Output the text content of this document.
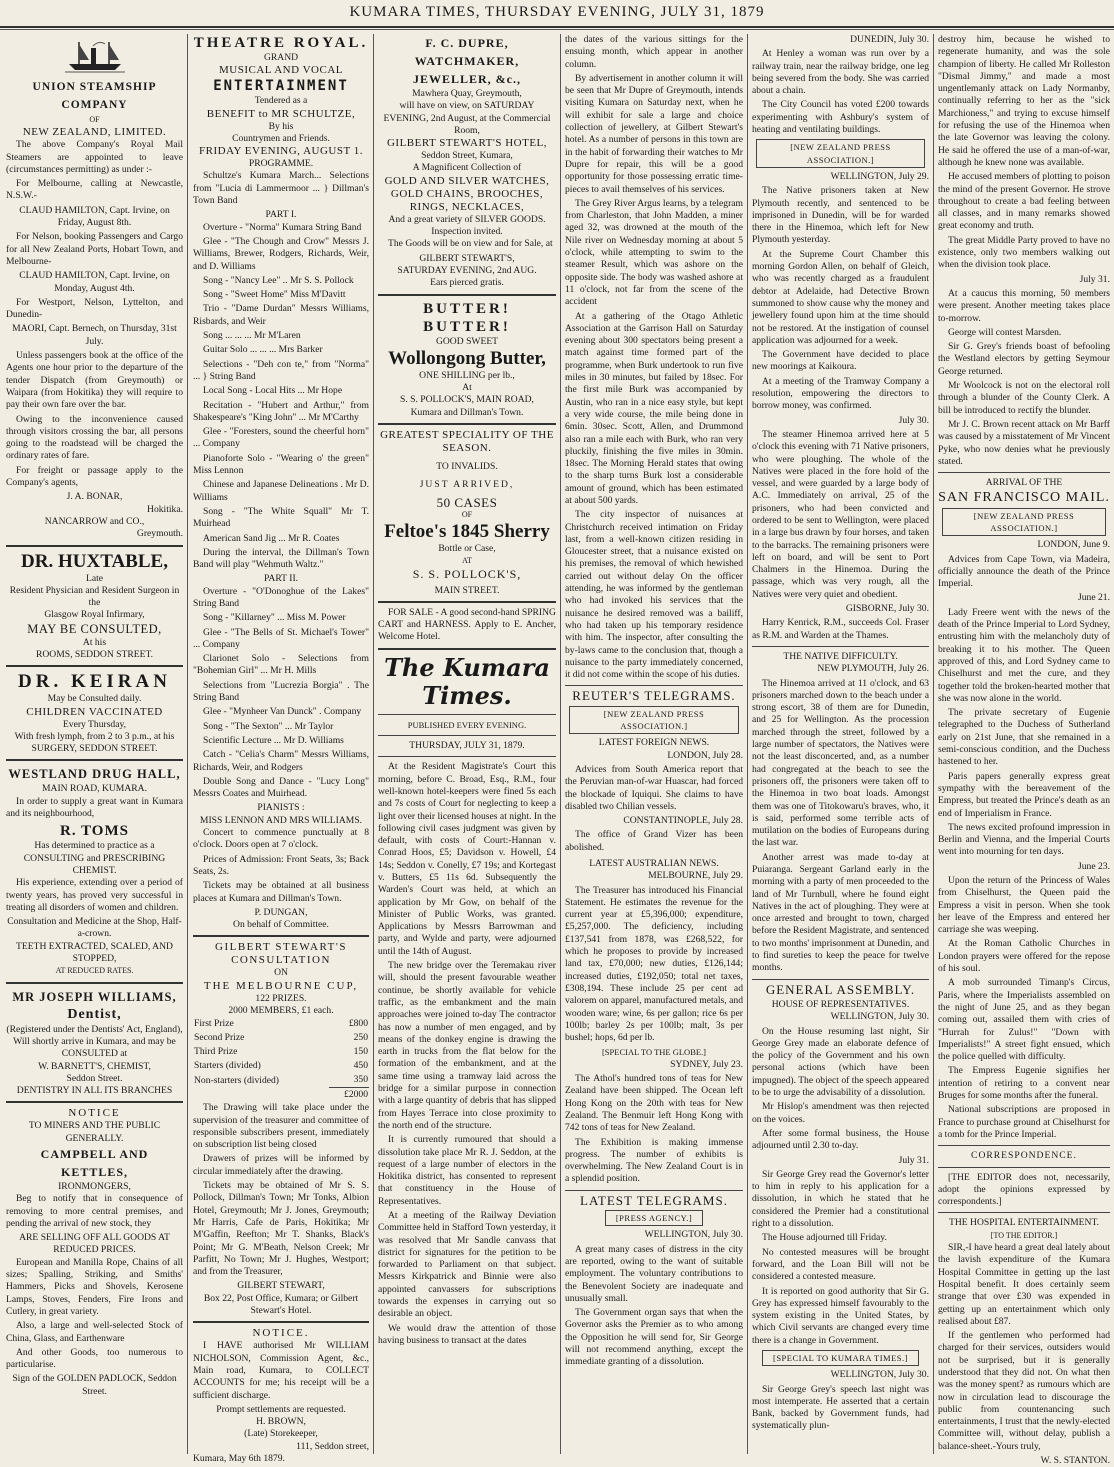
KUMARA TIMES, THURSDAY EVENING, JULY 31, 1879
UNION STEAMSHIP COMPANY
OF
NEW ZEALAND, LIMITED.

The above Company's Royal Mail Steamers are appointed to leave (circumstances permitting) as under :-

For Melbourne, calling at Newcastle, N.S.W.-

CLAUD HAMILTON, Capt. Irvine, on Friday, August 8th.

For Nelson, booking Passengers and Cargo for all New Zealand Ports, Hobart Town, and Melbourne-

CLAUD HAMILTON, Capt. Irvine, on Monday, August 4th.

For Westport, Nelson, Lyttelton, and Dunedin-

MAORI, Capt. Bernech, on Thursday, 31st July.

Unless passengers book at the office of the Agents one hour prior to the departure of the tender Dispatch (from Greymouth) or Waipara (from Hokitika) they will require to pay their own fare over the bar.

Owing to the inconvenience caused through visitors crossing the bar, all persons going to the roadstead will be charged the ordinary rates of fare.

For freight or passage apply to the Company's agents,

J. A. BONAR,
Hokitika.
NANCARROW and CO.,
Greymouth.
DR. HUXTABLE,
Late
Resident Physician and Resident Surgeon in the
Glasgow Royal Infirmary,
MAY BE CONSULTED,
At his
ROOMS, SEDDON STREET.
DR. KEIRAN
May be Consulted daily.
CHILDREN VACCINATED
Every Thursday,
With fresh lymph, from 2 to 3 p.m., at his
SURGERY, SEDDON STREET.
WESTLAND DRUG HALL,
MAIN ROAD, KUMARA.

In order to supply a great want in Kumara and its neighbourhood,

R. TOMS
Has determined to practice as a
CONSULTING and PRESCRIBING CHEMIST.

His experience, extending over a period of twenty years, has proved very successful in treating all disorders of women and children.

Consultation and Medicine at the Shop, Half-a-crown.
TEETH EXTRACTED, SCALED, AND STOPPED,
AT REDUCED RATES.
MR JOSEPH WILLIAMS,
Dentist,
(Registered under the Dentists' Act, England),
Will shortly arrive in Kumara, and may be CONSULTED at
W. BARNETT'S, CHEMIST,
Seddon Street.
DENTISTRY IN ALL ITS BRANCHES
NOTICE
TO MINERS AND THE PUBLIC GENERALLY.
CAMPBELL AND KETTLES,
IRONMONGERS,

Beg to notify that in consequence of removing to more central premises, and pending the arrival of new stock, they

ARE SELLING OFF ALL GOODS AT REDUCED PRICES.

European and Manilla Rope, Chains of all sizes; Spalling, Striking, and Smiths' Hammers, Picks and Shovels, Kerosene Lamps, Stoves, Fenders, Fire Irons and Cutlery, in great variety.

Also, a large and well-selected Stock of China, Glass, and Earthenware

And other Goods, too numerous to particularise.

Sign of the GOLDEN PADLOCK, Seddon Street.
THEATRE ROYAL.
GRAND
MUSICAL AND VOCAL
ENTERTAINMENT
Tendered as a
BENEFIT to MR SCHULTZE,
By his
Countrymen and Friends.
FRIDAY EVENING, AUGUST 1.
PROGRAMME.

Schultze's Kumara March... Selections from "Lucia di Lammermoor ... } Dillman's Town Band

PART I.

Overture - "Norma" Kumara String Band

Glee - "The Chough and Crow" Messrs J. Williams, Brewer, Rodgers, Richards, Weir, and D. Williams

Song - "Nancy Lee" .. Mr S. S. Pollock

Song - "Sweet Home" Miss M'Davitt

Trio - "Dame Durdan" Messrs Williams, Risbards, and Weir

Song ... ... ... Mr M'Laren

Guitar Solo ... ... ... Mrs Barker

Selections - "Deh con te," from "Norma" ... } String Band

Local Song - Local Hits ... Mr Hope

Recitation - "Hubert and Arthur," from Shakespeare's "King John" ... Mr M'Carthy

Glee - "Foresters, sound the cheerful horn" ... Company

Pianoforte Solo - "Wearing o' the green" Miss Lennon

Chinese and Japanese Delineations . Mr D. Williams

Song - "The White Squall" Mr T. Muirhead

American Sand Jig ... Mr R. Coates

During the interval, the Dillman's Town Band will play "Wehmuth Waltz."

PART II.

Overture - "O'Donoghue of the Lakes" String Band

Song - "Killarney" ... Miss M. Power

Glee - "The Bells of St. Michael's Tower" ... Company

Clarionet Solo - Selections from "Bohemian Girl" ... Mr H. Mills

Selections from "Lucrezia Borgia" . The String Band

Glee - "Mynheer Van Dunck" . Company

Song - "The Sexton" ... Mr Taylor

Scientific Lecture ... Mr D. Williams

Catch - "Celia's Charm" Messrs Williams, Richards, Weir, and Rodgers

Double Song and Dance - "Lucy Long" Messrs Coates and Muirhead.

PIANISTS :
MISS LENNON AND MRS WILLIAMS.

Concert to commence punctually at 8 o'clock. Doors open at 7 o'clock.

Prices of Admission: Front Seats, 3s; Back Seats, 2s.

Tickets may be obtained at all business places at Kumara and Dillman's Town.

P. DUNGAN,
On behalf of Committee.
GILBERT STEWART'S CONSULTATION
ON
THE MELBOURNE CUP,
122 PRIZES.
2000 MEMBERS, £1 each.
First Prize	£800
Second Prize	250
Third Prize	150
Starters (divided)	450
Non-starters (divided)	350
	£2000

The Drawing will take place under the supervision of the treasurer and committee of responsible subscribers present, immediately on subscription list being closed

Drawers of prizes will be informed by circular immediately after the drawing.

Tickets may be obtained of Mr S. S. Pollock, Dillman's Town; Mr Tonks, Albion Hotel, Greymouth; Mr J. Jones, Greymouth; Mr Harris, Cafe de Paris, Hokitika; Mr M'Gaffin, Reefton; Mr T. Shanks, Black's Point; Mr G. M'Beath, Nelson Creek; Mr Parfitt, No Town; Mr J. Hughes, Westport; and from the Treasurer,

GILBERT STEWART,
Box 22, Post Office, Kumara; or Gilbert Stewart's Hotel.
NOTICE.

I HAVE authorised Mr WILLIAM NICHOLSON, Commission Agent, &c., Main road, Kumara, to COLLECT ACCOUNTS for me; his receipt will be a sufficient discharge.

Prompt settlements are requested.
H. BROWN,
(Late) Storekeeper,
111, Seddon street,
Kumara, May 6th 1879.
F. C. DUPRE, WATCHMAKER, JEWELLER, &c.,
Mawhera Quay, Greymouth,
will have on view, on SATURDAY EVENING, 2nd August, at the Commercial Room,
GILBERT STEWART'S HOTEL,
Seddon Street, Kumara,
A Magnificent Collection of
GOLD AND SILVER WATCHES, GOLD CHAINS, BROOCHES, RINGS, NECKLACES,
And a great variety of SILVER GOODS.
Inspection invited.

The Goods will be on view and for Sale, at

GILBERT STEWART'S,
SATURDAY EVENING, 2nd AUG.
Ears pierced gratis.
BUTTER! BUTTER!
GOOD SWEET
Wollongong Butter,
ONE SHILLING per lb.,
At
S. S. POLLOCK'S, MAIN ROAD,
Kumara and Dillman's Town.
GREATEST SPECIALITY OF THE SEASON.
TO INVALIDS.
JUST ARRIVED,
50 CASES
OF
Feltoe's 1845 Sherry
Bottle or Case,
AT
S. S. POLLOCK'S,
MAIN STREET.

FOR SALE - A good second-hand SPRING CART and HARNESS. Apply to E. Ancher, Welcome Hotel.

The Kumara Times.
PUBLISHED EVERY EVENING.
THURSDAY, JULY 31, 1879.

At the Resident Magistrate's Court this morning, before C. Broad, Esq., R.M., four well-known hotel-keepers were fined 5s each and 7s costs of Court for neglecting to keep a light over their licensed houses at night. In the following civil cases judgment was given by default, with costs of Court:-Hannan v. Conrad Hoos, £5; Davidson v. Howell, £4 14s; Seddon v. Conelly, £7 19s; and Kortegast v. Butters, £5 11s 6d. Subsequently the Warden's Court was held, at which an application by Mr Gow, on behalf of the Minister of Public Works, was granted. Applications by Messrs Barrowman and party, and Wylde and party, were adjourned until the 14th of August.

The new bridge over the Teremakau river will, should the present favourable weather continue, be shortly available for vehicle traffic, as the embankment and the main approaches were joined to-day The contractor has now a number of men engaged, and by means of the donkey engine is drawing the earth in trucks from the flat below for the formation of the embankment, and at the same time using a tramway laid across the bridge for a similar purpose in connection with a large quantity of debris that has slipped from Hayes Terrace into close proximity to the north end of the structure.

It is currently rumoured that should a dissolution take place Mr R. J. Seddon, at the request of a large number of electors in the Hokitika district, has consented to represent that constituency in the House of Representatives.

At a meeting of the Railway Deviation Committee held in Stafford Town yesterday, it was resolved that Mr Sandle canvass that district for signatures for the petition to be forwarded to Parliament on that subject. Messrs Kirkpatrick and Binnie were also appointed canvassers for subscriptions towards the expenses in carrying out so desirable an object.

We would draw the attention of those having business to transact at the dates

the dates of the various sittings for the ensuing month, which appear in another column.

By advertisement in another column it will be seen that Mr Dupre of Greymouth, intends visiting Kumara on Saturday next, when he will exhibit for sale a large and choice collection of jewellery, at Gilbert Stewart's hotel. As a number of persons in this town are in the habit of forwarding their watches to Mr Dupre for repair, this will be a good opportunity for those possessing erratic time-pieces to avail themselves of his services.

The Grey River Argus learns, by a telegram from Charleston, that John Madden, a miner aged 32, was drowned at the mouth of the Nile river on Wednesday morning at about 5 o'clock, while attempting to swim to the steamer Result, which was ashore on the opposite side. The body was washed ashore at 11 o'clock, not far from the scene of the accident

At a gathering of the Otago Athletic Association at the Garrison Hall on Saturday evening about 300 spectators being present a match against time formed part of the programme, when Burk undertook to run five miles in 30 minutes, but failed by 18sec. For the first mile Burk was accompanied by Austin, who ran in a nice easy style, but kept a very wide course, the mile being done in 6min. 30sec. Scott, Allen, and Drummond also ran a mile each with Burk, who ran very pluckily, finishing the five miles in 30min. 18sec. The Morning Herald states that owing to the sharp turns Burk lost a considerable amount of ground, which has been estimated at about 500 yards.

The city inspector of nuisances at Christchurch received intimation on Friday last, from a well-known citizen residing in Gloucester street, that a nuisance existed on his premises, the removal of which hewished carried out without delay On the officer attending, he was informed by the gentleman who had invoked his services that the nuisance he desired removed was a bailiff, who had taken up his temporary residence with him. The inspector, after consulting the by-laws came to the conclusion that, though a nuisance to the party immediately concerned, it did not come within the scope of his duties.

REUTER'S TELEGRAMS.
[NEW ZEALAND PRESS ASSOCIATION.]
LATEST FOREIGN NEWS.

LONDON, July 28.

Advices from South America report that the Peruvian man-of-war Huascar, had forced the blockade of Iquiqui. She claims to have disabled two Chilian vessels.

CONSTANTINOPLE, July 28.

The office of Grand Vizer has been abolished.

LATEST AUSTRALIAN NEWS.

MELBOURNE, July 29.

The Treasurer has introduced his Financial Statement. He estimates the revenue for the current year at £5,396,000; expenditure, £5,257,000. The deficiency, including £137,541 from 1878, was £268,522, for which he proposes to provide by increased land tax, £70,000; new duties, £126,144; increased duties, £192,050; total net taxes, £308,194. These include 25 per cent ad valorem on apparel, manufactured metals, and wooden ware; wine, 6s per gallon; rice 6s per 100lb; barley 2s per 100lb; malt, 3s per bushel; hops, 6d per lb.

[SPECIAL TO THE GLOBE.]

SYDNEY, July 23.

The Athol's hundred tons of teas for New Zealand have been shipped. The Ocean left Hong Kong on the 20th with teas for New Zealand. The Benmuir left Hong Kong with 742 tons of teas for New Zealand.

The Exhibition is making immense progress. The number of exhibits is overwhelming. The New Zealand Court is in a splendid position.

LATEST TELEGRAMS.
[PRESS AGENCY.]

WELLINGTON, July 30.

A great many cases of distress in the city are reported, owing to the want of suitable employment. The voluntary contributions to the Benevolent Society are inadequate and unusually small.

The Government organ says that when the Governor asks the Premier as to who among the Opposition he will send for, Sir George will not recommend anything, except the immediate granting of a dissolution.

DUNEDIN, July 30.

At Henley a woman was run over by a railway train, near the railway bridge, one leg being severed from the body. She was carried about a chain.

The City Council has voted £200 towards experimenting with Ashbury's system of heating and ventilating buildings.

[NEW ZEALAND PRESS ASSOCIATION.]

WELLINGTON, July 29.

The Native prisoners taken at New Plymouth recently, and sentenced to be imprisoned in Dunedin, will be for warded there in the Hinemoa, which left for New Plymouth yesterday.

At the Supreme Court Chamber this morning Gordon Allen, on behalf of Gleich, who was recently charged as a fraudulent debtor at Adelaide, had Detective Brown summoned to show cause why the money and jewellery found upon him at the time should not be restored. At the instigation of counsel application was adjourned for a week.

The Government have decided to place new moorings at Kaikoura.

At a meeting of the Tramway Company a resolution, empowering the directors to borrow money, was confirmed.

July 30.

The steamer Hinemoa arrived here at 5 o'clock this evening with 71 Native prisoners, who were ploughing. The whole of the Natives were placed in the fore hold of the vessel, and were guarded by a large body of A.C. Immediately on arrival, 25 of the prisoners, who had been convicted and ordered to be sent to Wellington, were placed in a large bus drawn by four horses, and taken to the barracks. The remaining prisoners were left on board, and will be sent to Port Chalmers in the Hinemoa. During the passage, which was very rough, all the Natives were very quiet and obedient.

GISBORNE, July 30.

Harry Kenrick, R.M., succeeds Col. Fraser as R.M. and Warden at the Thames.

THE NATIVE DIFFICULTY.

NEW PLYMOUTH, July 26.

The Hinemoa arrived at 11 o'clock, and 63 prisoners marched down to the beach under a strong escort, 38 of them are for Dunedin, and 25 for Wellington. As the procession marched through the street, followed by a large number of spectators, the Natives were not the least disconcerted, and, as a number had congregated at the beach to see the prisoners off, the prisoners were taken off to the Hinemoa in two boat loads. Amongst them was one of Titokowaru's braves, who, it is said, performed some terrible acts of mutilation on the bodies of Europeans during the last war.

Another arrest was made to-day at Puiaranga. Sergeant Garland early in the morning with a party of men proceeded to the land of Mr Turnbull, where he found eight Natives in the act of ploughing. They were at once arrested and brought to town, charged before the Resident Magistrate, and sentenced to two months' imprisonment at Dunedin, and to find sureties to keep the peace for twelve months.

GENERAL ASSEMBLY.
HOUSE OF REPRESENTATIVES.

WELLINGTON, July 30.

On the House resuming last night, Sir George Grey made an elaborate defence of the policy of the Government and his own personal actions (which have been impugned). The object of the speech appeared to be to urge the advisability of a dissolution.

Mr Hislop's amendment was then rejected on the voices.

After some formal business, the House adjourned until 2.30 to-day.

July 31.

Sir George Grey read the Governor's letter to him in reply to his application for a dissolution, in which he stated that he considered the Premier had a constitutional right to a dissolution.

The House adjourned till Friday.

No contested measures will be brought forward, and the Loan Bill will not be considered a contested measure.

It is reported on good authority that Sir G. Grey has expressed himself favourably to the system existing in the United States, by which Civil servants are changed every time there is a change in Government.

[SPECIAL TO KUMARA TIMES.]

WELLINGTON, July 30.

Sir George Grey's speech last night was most intemperate. He asserted that a certain Bank, backed by Government funds, had systematically plun-

destroy him, because he wished to regenerate humanity, and was the sole champion of liberty. He called Mr Rolleston "Dismal Jimmy," and made a most ungentlemanly attack on Lady Normanby, continually referring to her as the "sick Marchioness," and trying to excuse himself for refusing the use of the Hinemoa when the late Governor was leaving the colony. He said he offered the use of a man-of-war, although he knew none was available.

He accused members of plotting to poison the mind of the present Governor. He strove throughout to create a bad feeling between all classes, and in many remarks showed great economy and truth.

The great Middle Party proved to have no existence, only two members walking out when the division took place.

July 31.

At a caucus this morning, 50 members were present. Another meeting takes place to-morrow.

George will contest Marsden.

Sir G. Grey's friends boast of befooling the Westland electors by getting Seymour George returned.

Mr Woolcock is not on the electoral roll through a blunder of the County Clerk. A bill be introduced to rectify the blunder.

Mr J. C. Brown recent attack on Mr Barff was caused by a misstatement of Mr Vincent Pyke, who now denies what he previously stated.

ARRIVAL OF THE
SAN FRANCISCO MAIL.
[NEW ZEALAND PRESS ASSOCIATION.]

LONDON, June 9.

Advices from Cape Town, via Madeira, officially announce the death of the Prince Imperial.

June 21.

Lady Freere went with the news of the death of the Prince Imperial to Lord Sydney, entrusting him with the melancholy duty of breaking it to his mother. The Queen approved of this, and Lord Sydney came to Chiselhurst and met the cure, and they together told the broken-hearted mother that she was now alone in the world.

The private secretary of Eugenie telegraphed to the Duchess of Sutherland early on 21st June, that she remained in a semi-conscious condition, and the Duchess hastened to her.

Paris papers generally express great sympathy with the bereavement of the Empress, but treated the Prince's death as an end of Imperialism in France.

The news excited profound impression in Berlin and Vienna, and the Imperial Courts went into mourning for ten days.

June 23.

Upon the return of the Princess of Wales from Chiselhurst, the Queen paid the Empress a visit in person. When she took her leave of the Empress and entered her carriage she was weeping.

At the Roman Catholic Churches in London prayers were offered for the repose of his soul.

A mob surrounded Timanp's Circus, Paris, where the Imperialists assembled on the night of June 25, and as they began coming out, assailed them with cries of "Hurrah for Zulus!" "Down with Imperialists!" A street fight ensued, which the police quelled with difficulty.

The Empress Eugenie signifies her intention of retiring to a convent near Bruges for some months after the funeral.

National subscriptions are proposed in France to purchase ground at Chiselhurst for a tomb for the Prince Imperial.

CORRESPONDENCE.

[THE EDITOR does not, necessarily, adopt the opinions expressed by correspondents.]

THE HOSPITAL ENTERTAINMENT.
[TO THE EDITOR.]

SIR,-I have heard a great deal lately about the lavish expenditure of the Kumara Hospital Committee in getting up the last Hospital benefit. It does certainly seem strange that over £30 was expended in getting up an entertainment which only realised about £87.

If the gentlemen who performed had charged for their services, outsiders would not be surprised, but it is generally understood that they did not. On what then was the money spent? as rumours which are now in circulation lead to discourage the public from countenancing such entertainments, I trust that the newly-elected Committee will, without delay, publish a balance-sheet.-Yours truly,

W. S. STANTON.
